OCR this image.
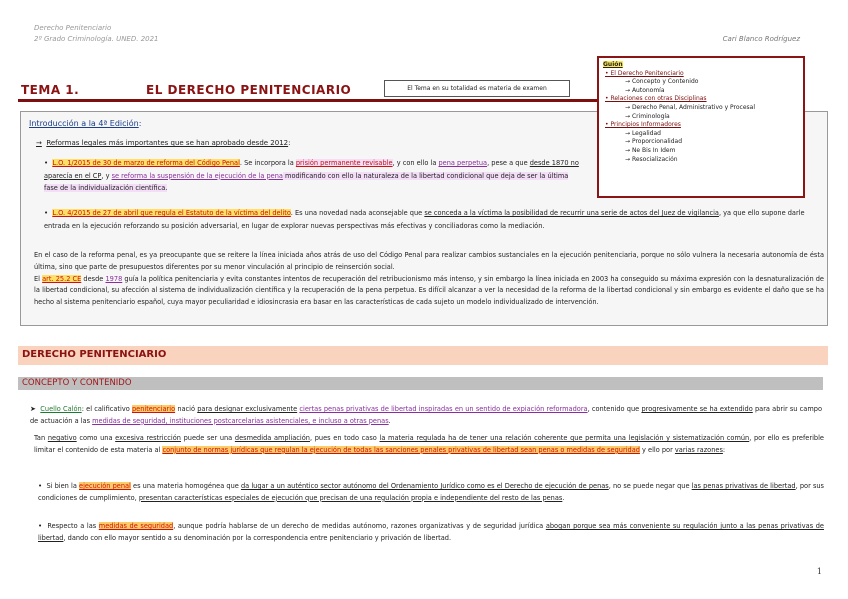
Derecho Penitenciario
2º Grado Criminología. UNED. 2021	Cari Blanco Rodríguez
TEMA 1.	EL DERECHO PENITENCIARIO	El Tema en su totalidad es materia de examen
Introducción a la 4ª Edición:
→ Reformas legales más importantes que se han aprobado desde 2012:
• L.O. 1/2015 de 30 de marzo de reforma del Código Penal. Se incorpora la prisión permanente revisable, y con ello la pena perpetua, pese a que desde 1870 no aparecía en el CP, y se reforma la suspensión de la ejecución de la pena modificando con ello la naturaleza de la libertad condicional que deja de ser la última fase de la individualización científica.
• L.O. 4/2015 de 27 de abril que regula el Estatuto de la víctima del delito. Es una novedad nada aconsejable que se conceda a la víctima la posibilidad de recurrir una serie de actos del Juez de vigilancia, ya que ello supone darle entrada en la ejecución reforzando su posición adversarial, en lugar de explorar nuevas perspectivas más efectivas y conciliadoras como la mediación.
En el caso de la reforma penal, es ya preocupante que se reitere la línea iniciada años atrás de uso del Código Penal para realizar cambios sustanciales en la ejecución penitenciaria, porque no sólo vulnera la necesaria autonomía de ésta última, sino que parte de presupuestos diferentes por su menor vinculación al principio de reinserción social.
El art. 25.2 CE desde 1978 guía la política penitenciaria y evita constantes intentos de recuperación del retribucionismo más intenso, y sin embargo la línea iniciada en 2003 ha conseguido su máxima expresión con la desnaturalización de la libertad condicional, su afección al sistema de individualización científica y la recuperación de la pena perpetua. Es difícil alcanzar a ver la necesidad de la reforma de la libertad condicional y sin embargo es evidente el daño que se ha hecho al sistema penitenciario español, cuya mayor peculiaridad e idiosincrasia era basar en las características de cada sujeto un modelo individualizado de intervención.
Guión
• El Derecho Penitenciario
→ Concepto y Contenido
→ Autonomía
• Relaciones con otras Disciplinas
→ Derecho Penal, Administrativo y Procesal
→ Criminología
• Principios Informadores
→ Legalidad
→ Proporcionalidad
→ Ne Bis In Idem
→ Resocialización
DERECHO PENITENCIARIO
CONCEPTO Y CONTENIDO
➤ Cuello Calón: el calificativo penitenciario nació para designar exclusivamente ciertas penas privativas de libertad inspiradas en un sentido de expiación reformadora, contenido que progresivamente se ha extendido para abrir su campo de actuación a las medidas de seguridad, instituciones postcarcelarias asistenciales, e incluso a otras penas.
Tan negativo como una excesiva restricción puede ser una desmedida ampliación, pues en todo caso la materia regulada ha de tener una relación coherente que permita una legislación y sistematización común, por ello es preferible limitar el contenido de esta materia al conjunto de normas jurídicas que regulan la ejecución de todas las sanciones penales privativas de libertad sean penas o medidas de seguridad y ello por varias razones:
• Si bien la ejecución penal es una materia homogénea que da lugar a un auténtico sector autónomo del Ordenamiento Jurídico como es el Derecho de ejecución de penas, no se puede negar que las penas privativas de libertad, por sus condiciones de cumplimiento, presentan características especiales de ejecución que precisan de una regulación propia e independiente del resto de las penas.
• Respecto a las medidas de seguridad, aunque podría hablarse de un derecho de medidas autónomo, razones organizativas y de seguridad jurídica abogan porque sea más conveniente su regulación junto a las penas privativas de libertad, dando con ello mayor sentido a su denominación por la correspondencia entre penitenciario y privación de libertad.
1
